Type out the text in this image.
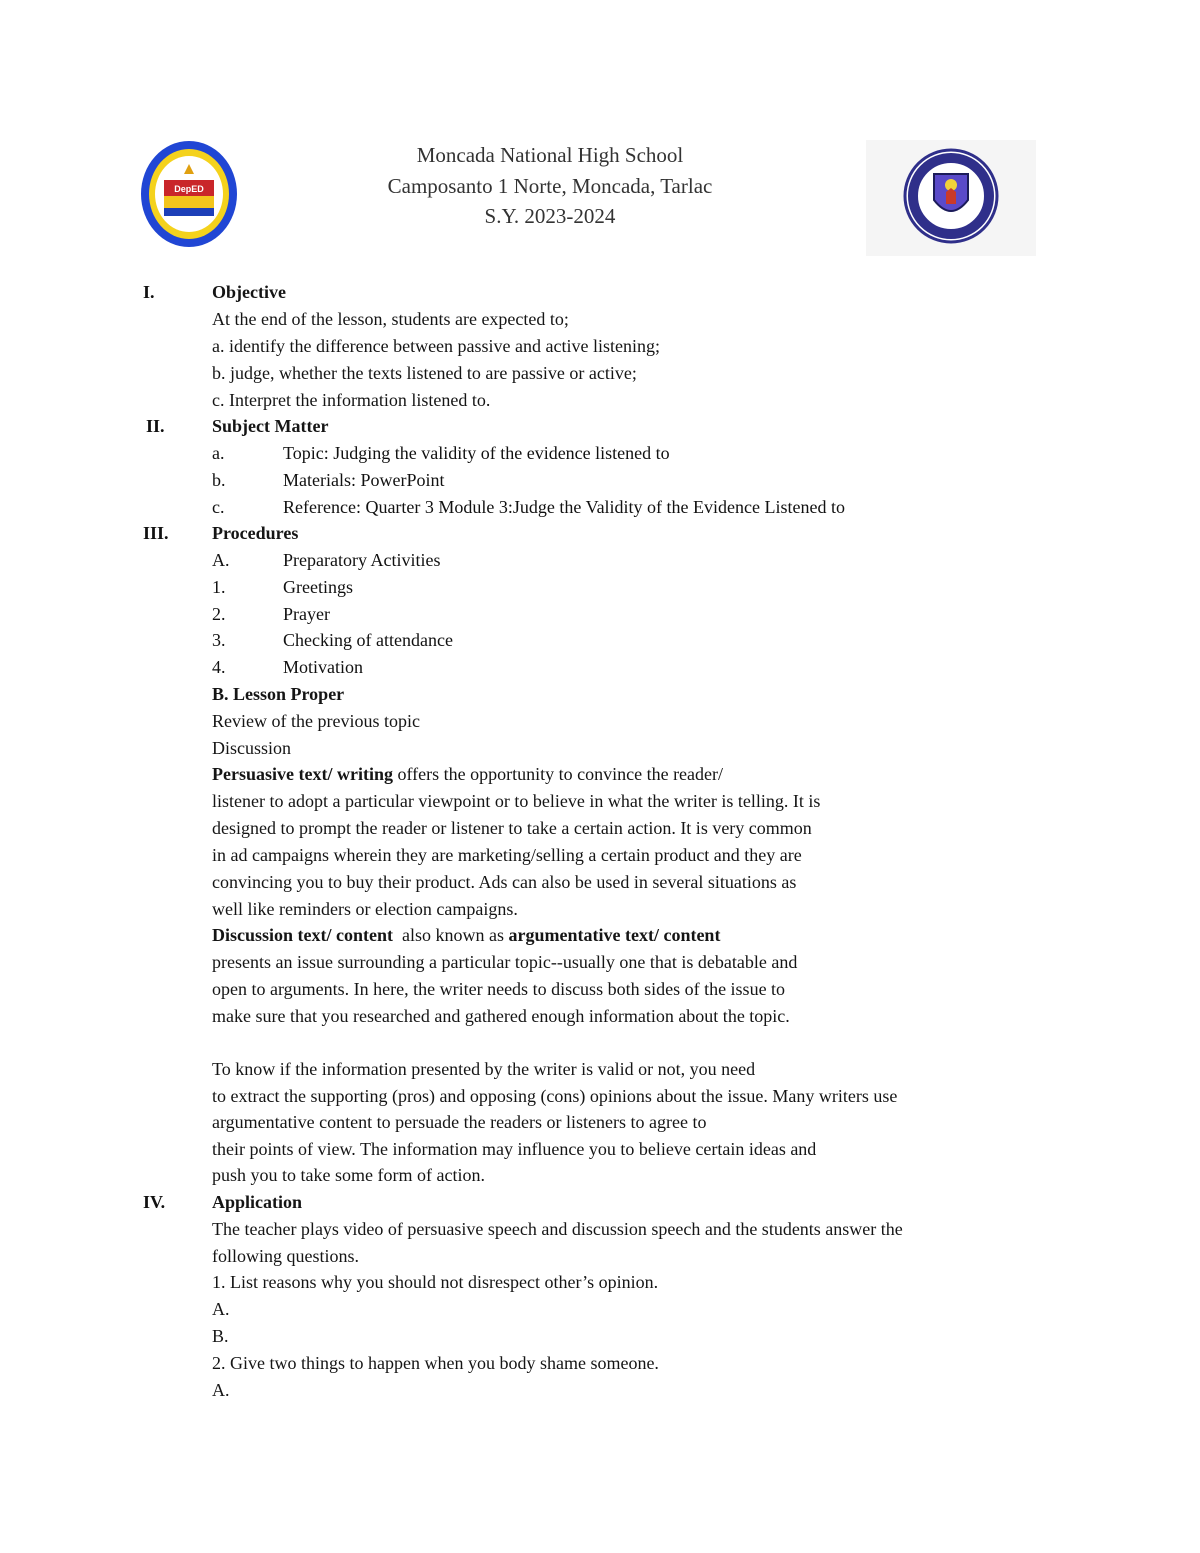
DepED
Moncada National High School
Camposanto 1 Norte, Moncada, Tarlac
S.Y. 2023-2024
I.	Objective
At the end of the lesson, students are expected to;
a. identify the difference between passive and active listening;
b. judge, whether the texts listened to are passive or active;
c. Interpret the information listened to.
II.	Subject Matter
a.	Topic: Judging the validity of the evidence listened to
b.	Materials: PowerPoint
c.	Reference: Quarter 3 Module 3:Judge the Validity of the Evidence Listened to
III. Procedures
A.	Preparatory Activities
1.	Greetings
2.	Prayer
3.	Checking of attendance
4.	Motivation
B. Lesson Proper
Review of the previous topic
Discussion
Persuasive text/ writing offers the opportunity to convince the reader/
listener to adopt a particular viewpoint or to believe in what the writer is telling. It is
designed to prompt the reader or listener to take a certain action. It is very common
in ad campaigns wherein they are marketing/selling a certain product and they are
convincing you to buy their product. Ads can also be used in several situations as
well like reminders or election campaigns.
Discussion text/ content  also known as argumentative text/ content
presents an issue surrounding a particular topic--usually one that is debatable and
open to arguments. In here, the writer needs to discuss both sides of the issue to
make sure that you researched and gathered enough information about the topic.
To know if the information presented by the writer is valid or not, you need
to extract the supporting (pros) and opposing (cons) opinions about the issue. Many writers use
argumentative content to persuade the readers or listeners to agree to
their points of view. The information may influence you to believe certain ideas and
push you to take some form of action.
IV.	Application
The teacher plays video of persuasive speech and discussion speech and the students answer the
following questions.
1. List reasons why you should not disrespect other’s opinion.
A.
B.
2. Give two things to happen when you body shame someone.
A.
